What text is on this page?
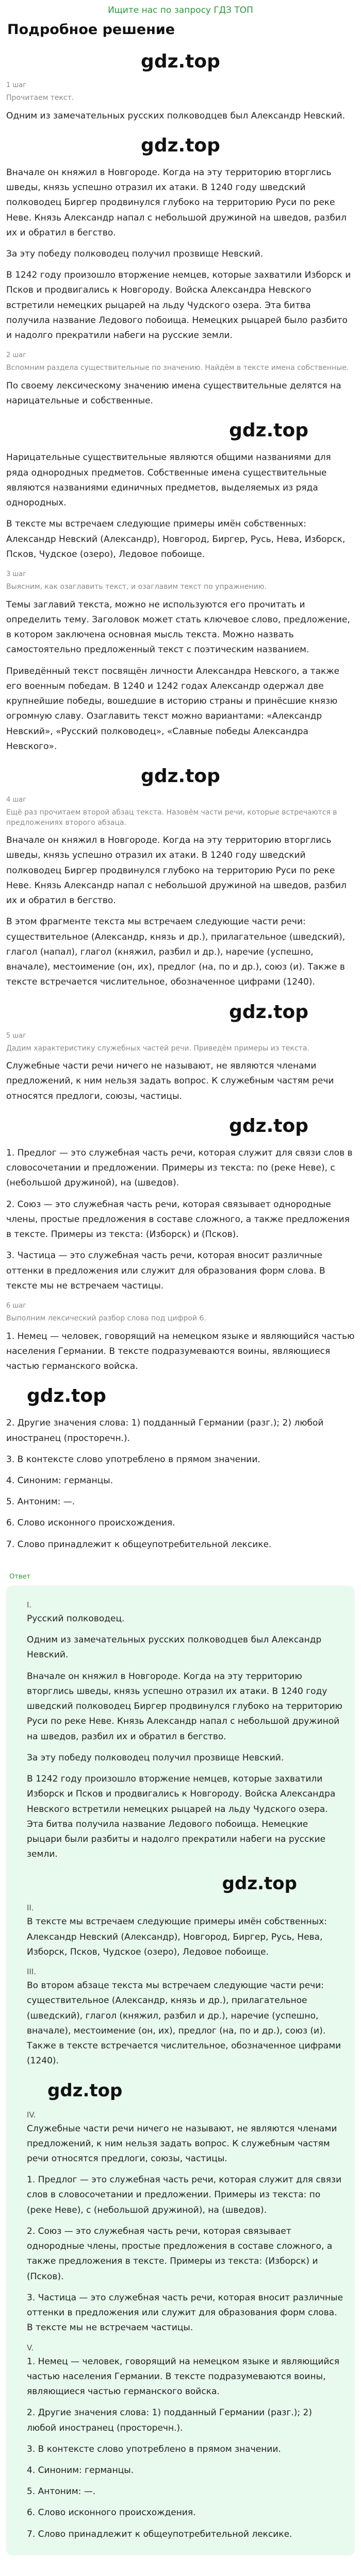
Ищите нас по запросу ГДЗ ТОП
Подробное решение
gdz.top
1 шаг
Прочитаем текст.

Одним из замечательных русских полководцев был Александр Невский.

gdz.top

Вначале он княжил в Новгороде. Когда на эту территорию вторглись шведы, князь успешно отразил их атаки. В 1240 году шведский полководец Биргер продвинулся глубоко на территорию Руси по реке Неве. Князь Александр напал с небольшой дружиной на шведов, разбил их и обратил в бегство.

За эту победу полководец получил прозвище Невский.

В 1242 году произошло вторжение немцев, которые захватили Изборск и Псков и продвигались к Новгороду. Войска Александра Невского встретили немецких рыцарей на льду Чудского озера. Эта битва получила название Ледового побоища. Немецких рыцарей было разбито и надолго прекратили набеги на русские земли.

2 шаг
Вспомним раздела существительные по значению. Найдём в тексте имена собственные.

По своему лексическому значению имена существительные делятся на нарицательные и собственные.

gdz.top

Нарицательные существительные являются общими названиями для ряда однородных предметов. Собственные имена существительные являются названиями единичных предметов, выделяемых из ряда однородных.

В тексте мы встречаем следующие примеры имён собственных: Александр Невский (Александр), Новгород, Биргер, Русь, Нева, Изборск, Псков, Чудское (озеро), Ледовое побоище.

3 шаг
Выясним, как озаглавить текст, и озаглавим текст по упражнению.

Темы заглавий текста, можно не используются его прочитать и определить тему. Заголовок может стать ключевое слово, предложение, в котором заключена основная мысль текста. Можно назвать самостоятельно предложенный текст с поэтическим названием.

Приведённый текст посвящён личности Александра Невского, а также его военным победам. В 1240 и 1242 годах Александр одержал две крупнейшие победы, вошедшие в историю страны и принёсшие князю огромную славу. Озаглавить текст можно вариантами: «Александр Невский», «Русский полководец», «Славные победы Александра Невского».

gdz.top
4 шаг
Ещё раз прочитаем второй абзац текста. Назовём части речи, которые встречаются в предложениях второго абзаца.

Вначале он княжил в Новгороде. Когда на эту территорию вторглись шведы, князь успешно отразил их атаки. В 1240 году шведский полководец Биргер продвинулся глубоко на территорию Руси по реке Неве. Князь Александр напал с небольшой дружиной на шведов, разбил их и обратил в бегство.

В этом фрагменте текста мы встречаем следующие части речи: существительное (Александр, князь и др.), прилагательное (шведский), глагол (напал), глагол (княжил, разбил и др.), наречие (успешно, вначале), местоимение (он, их), предлог (на, по и др.), союз (и). Также в тексте встречается числительное, обозначенное цифрами (1240).

gdz.top
5 шаг
Дадим характеристику служебных частей речи. Приведём примеры из текста.

Служебные части речи ничего не называют, не являются членами предложений, к ним нельзя задать вопрос. К служебным частям речи относятся предлоги, союзы, частицы.

gdz.top

1. Предлог — это служебная часть речи, которая служит для связи слов в словосочетании и предложении. Примеры из текста: по (реке Неве), с (небольшой дружиной), на (шведов).

2. Союз — это служебная часть речи, которая связывает однородные члены, простые предложения в составе сложного, а также предложения в тексте. Примеры из текста: (Изборск) и (Псков).

3. Частица — это служебная часть речи, которая вносит различные оттенки в предложения или служит для образования форм слова. В тексте мы не встречаем частицы.

6 шаг
Выполним лексический разбор слова под цифрой 6.

1. Немец — человек, говорящий на немецком языке и являющийся частью населения Германии. В тексте подразумеваются воины, являющиеся частью германского войска.

gdz.top

2. Другие значения слова: 1) подданный Германии (разг.); 2) любой иностранец (просторечн.).

3. В контексте слово употреблено в прямом значении.

4. Синоним: германцы.

5. Антоним: —.

6. Слово исконного происхождения.

7. Слово принадлежит к общеупотребительной лексике.

Ответ
I.

Русский полководец.

Одним из замечательных русских полководцев был Александр Невский.

Вначале он княжил в Новгороде. Когда на эту территорию вторглись шведы, князь успешно отразил их атаки. В 1240 году шведский полководец Биргер продвинулся глубоко на территорию Руси по реке Неве. Князь Александр напал с небольшой дружиной на шведов, разбил их и обратил в бегство.

За эту победу полководец получил прозвище Невский.

В 1242 году произошло вторжение немцев, которые захватили Изборск и Псков и продвигались к Новгороду. Войска Александра Невского встретили немецких рыцарей на льду Чудского озера. Эта битва получила название Ледового побоища. Немецкие рыцари были разбиты и надолго прекратили набеги на русские земли.

gdz.top
II.

В тексте мы встречаем следующие примеры имён собственных: Александр Невский (Александр), Новгород, Биргер, Русь, Нева, Изборск, Псков, Чудское (озеро), Ледовое побоище.

III.

Во втором абзаце текста мы встречаем следующие части речи: существительное (Александр, князь и др.), прилагательное (шведский), глагол (княжил, разбил и др.), наречие (успешно, вначале), местоимение (он, их), предлог (на, по и др.), союз (и). Также в тексте встречается числительное, обозначенное цифрами (1240).

gdz.top
IV.

Служебные части речи ничего не называют, не являются членами предложений, к ним нельзя задать вопрос. К служебным частям речи относятся предлоги, союзы, частицы.

1. Предлог — это служебная часть речи, которая служит для связи слов в словосочетании и предложении. Примеры из текста: по (реке Неве), с (небольшой дружиной), на (шведов).

2. Союз — это служебная часть речи, которая связывает однородные члены, простые предложения в составе сложного, а также предложения в тексте. Примеры из текста: (Изборск) и (Псков).

3. Частица — это служебная часть речи, которая вносит различные оттенки в предложения или служит для образования форм слова. В тексте мы не встречаем частицы.

V.

1. Немец — человек, говорящий на немецком языке и являющийся частью населения Германии. В тексте подразумеваются воины, являющиеся частью германского войска.

2. Другие значения слова: 1) подданный Германии (разг.); 2) любой иностранец (просторечн.).

3. В контексте слово употреблено в прямом значении.

4. Синоним: германцы.

5. Антоним: —.

6. Слово исконного происхождения.

7. Слово принадлежит к общеупотребительной лексике.
